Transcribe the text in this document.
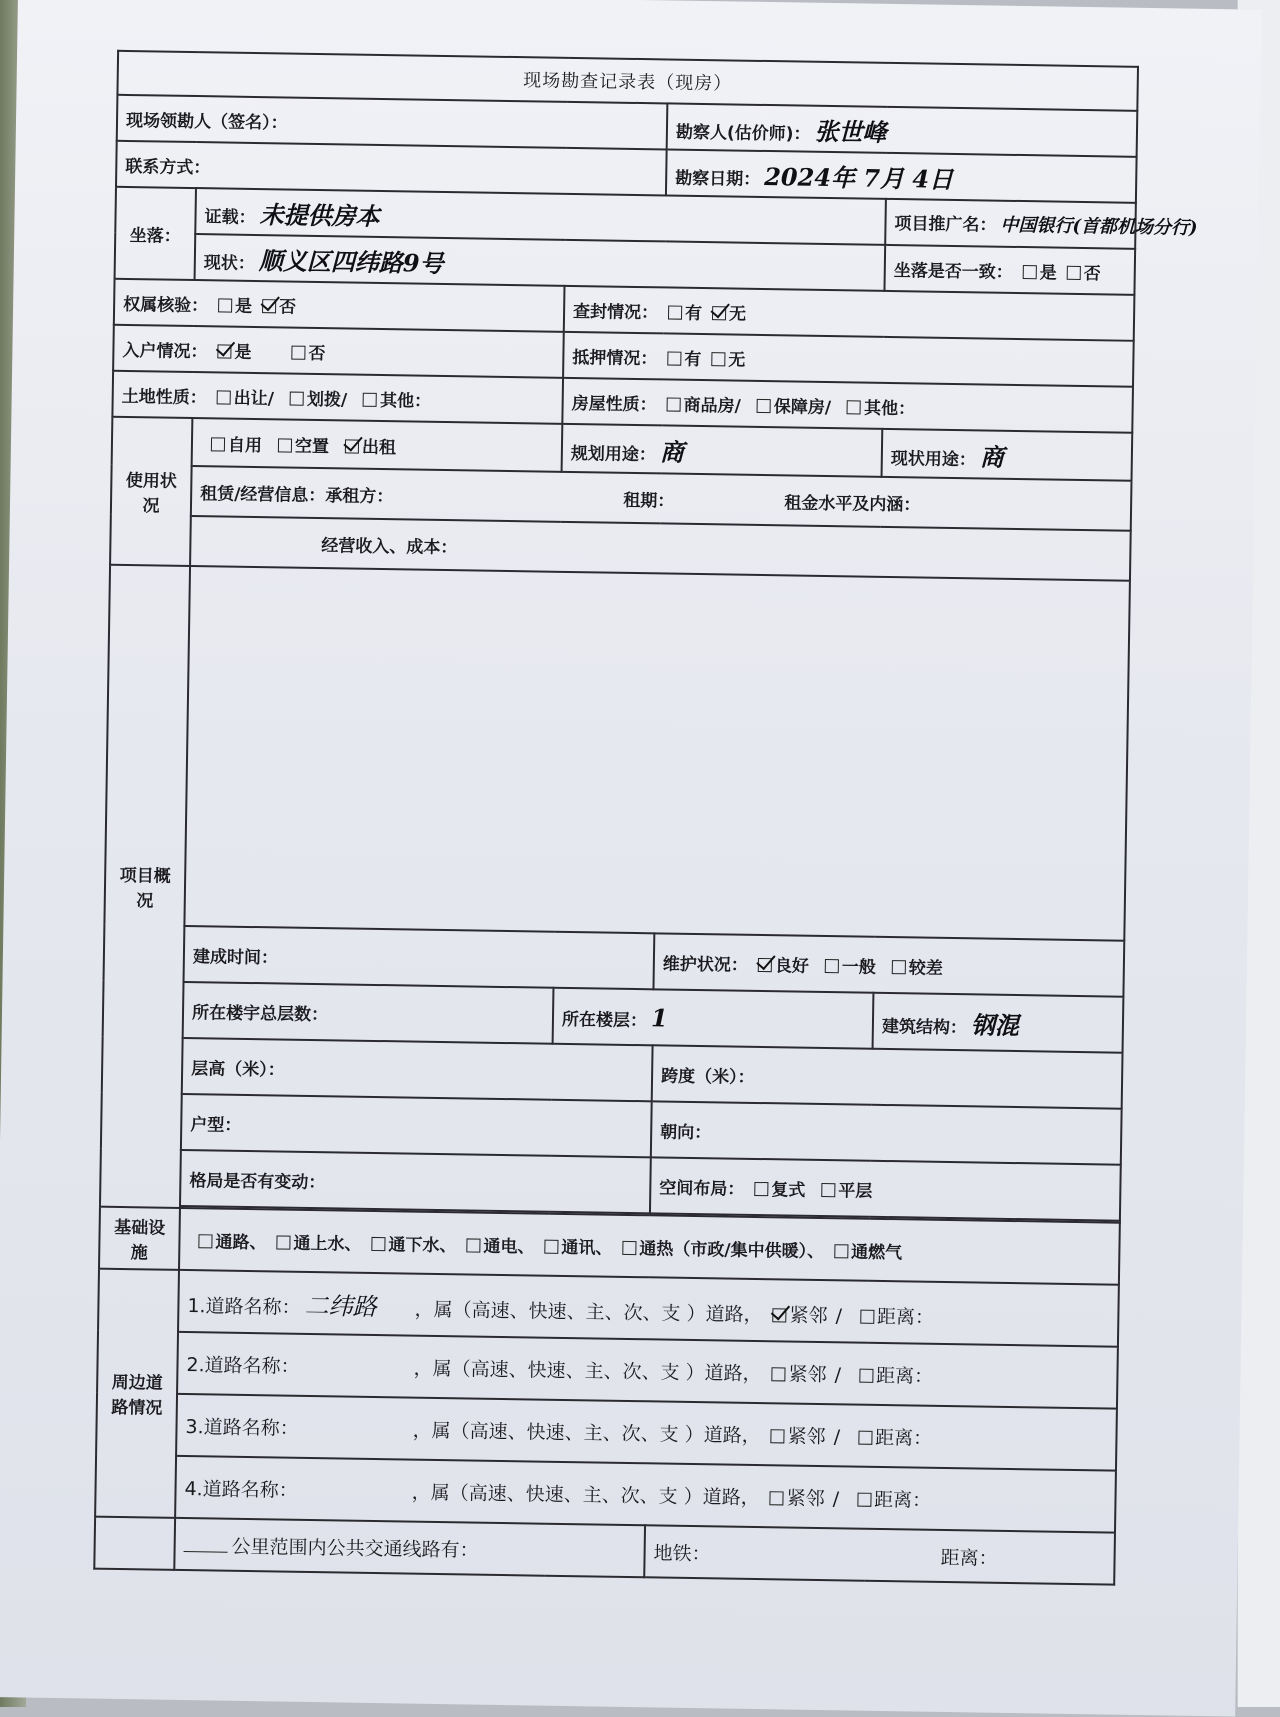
现场勘查记录表（现房）				
现场领勘人（签名）：			勘察人(估价师)： 张世峰	
联系方式：			勘察日期： 2024年 7月 4日	
坐落：	证载： 未提供房本			项目推广名： 中国银行(首都机场分行)
	现状： 顺义区四纬路9号			坐落是否一致： 是 否
权属核验： 是 否		查封情况： 有 无		
入户情况： 是 否		抵押情况： 有 无		
土地性质： 出让/ 划拨/ 其他：		房屋性质： 商品房/ 保障房/ 其他：		
使用状况	自用 空置 出租	规划用途： 商		现状用途： 商
	租赁/经营信息：承租方： 租期： 租金水平及内涵：			
	经营收入、成本：			
项目概况				
	建成时间：		维护状况： 良好 一般 较差	
	所在楼宇总层数：	所在楼层： 1		建筑结构： 钢混
	层高（米）：		跨度（米）：	
	户型：		朝向：	
	格局是否有变动：		空间布局： 复式 平层	

基础设施	通路、 通上水、 通下水、 通电、 通讯、 通热（市政/集中供暖）、 通燃气			
周边道路情况	1.道路名称： 二纬路 ，属（高速、快速、主、次、支 ）道路， 紧邻 / 距离：			
	2.道路名称： ，属（高速、快速、主、次、支 ）道路， 紧邻 / 距离：			
	3.道路名称： ，属（高速、快速、主、次、支 ）道路， 紧邻 / 距离：			
	4.道路名称： ，属（高速、快速、主、次、支 ）道路， 紧邻 / 距离：			
	公里范围内公共交通线路有：		地铁： 距离：	
